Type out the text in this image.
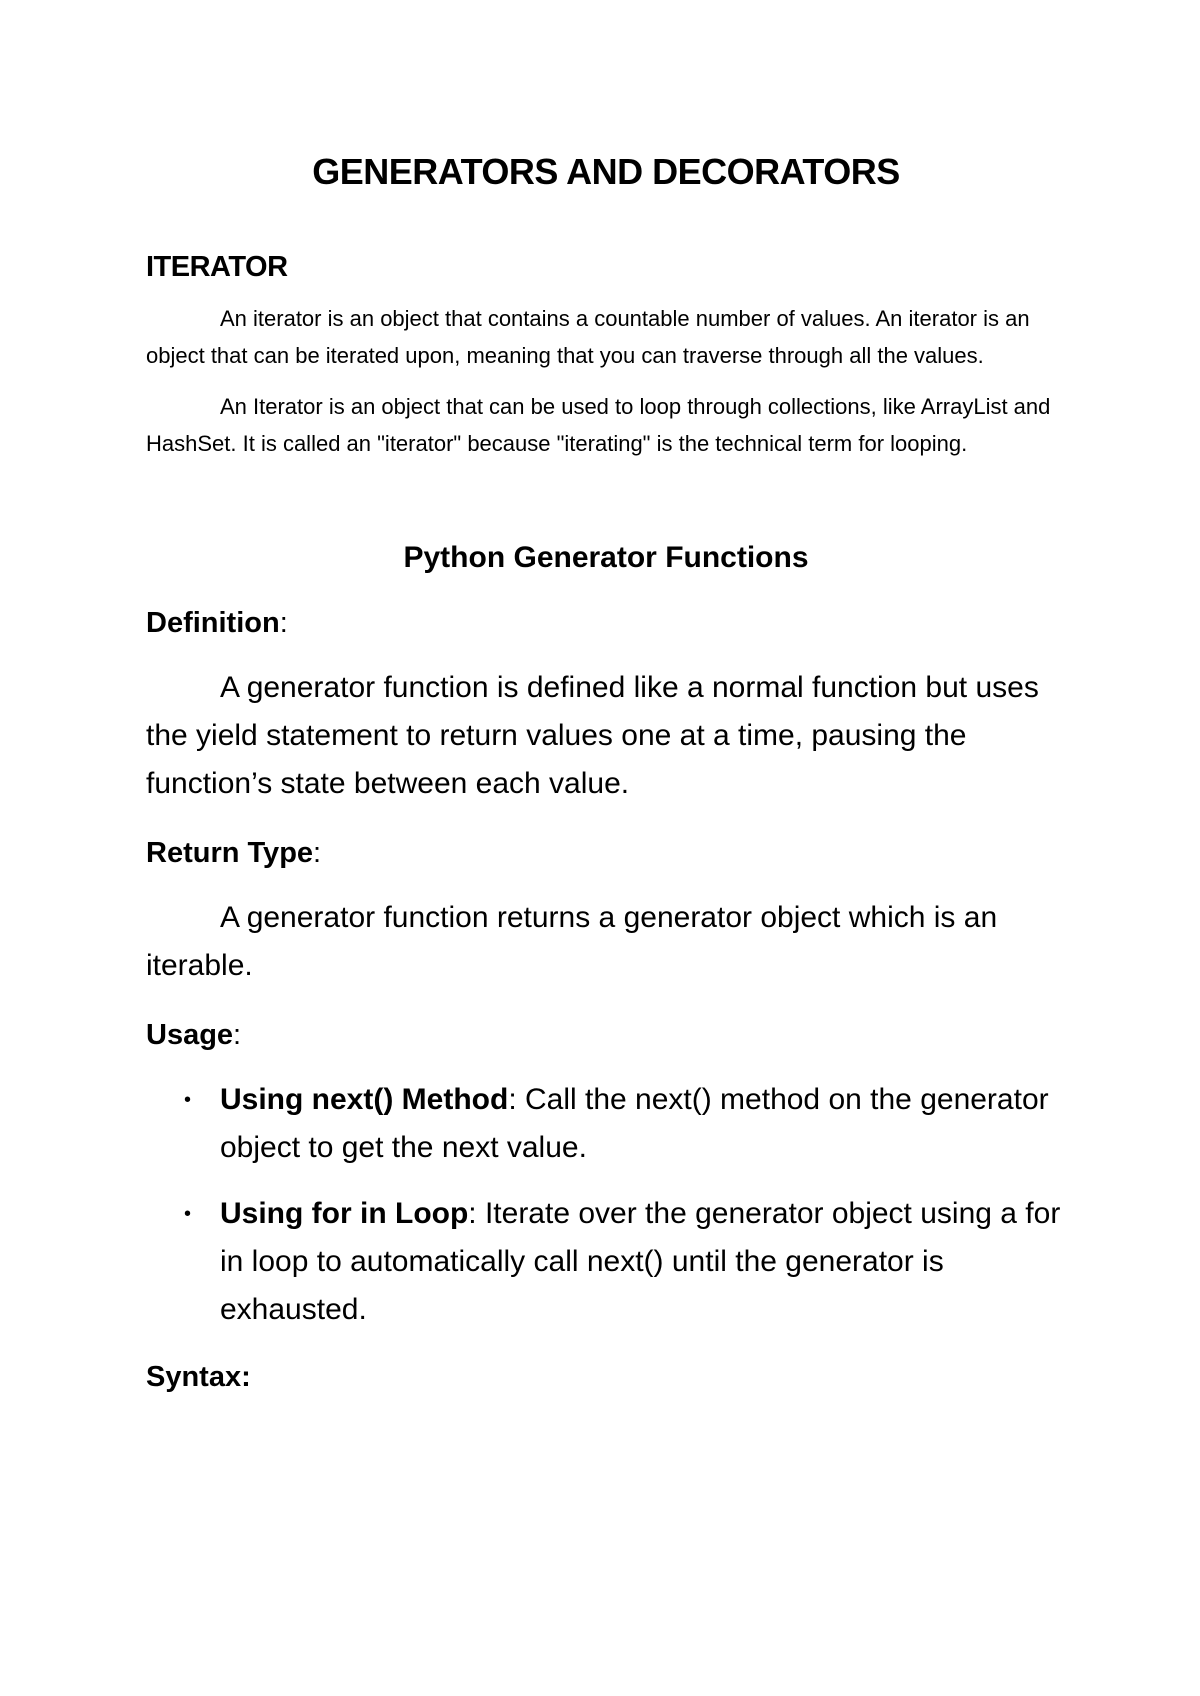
GENERATORS AND DECORATORS
ITERATOR

An iterator is an object that contains a countable number of values. An iterator is an object that can be iterated upon, meaning that you can traverse through all the values.

An Iterator is an object that can be used to loop through collections, like ArrayList and HashSet. It is called an "iterator" because "iterating" is the technical term for looping.

Python Generator Functions

Definition:

A generator function is defined like a normal function but uses the yield statement to return values one at a time, pausing the function’s state between each value.

Return Type:

A generator function returns a generator object which is an iterable.

Usage:

• Using next() Method: Call the next() method on the generator object to get the next value.
• Using for in Loop: Iterate over the generator object using a for in loop to automatically call next() until the generator is exhausted.

Syntax:
